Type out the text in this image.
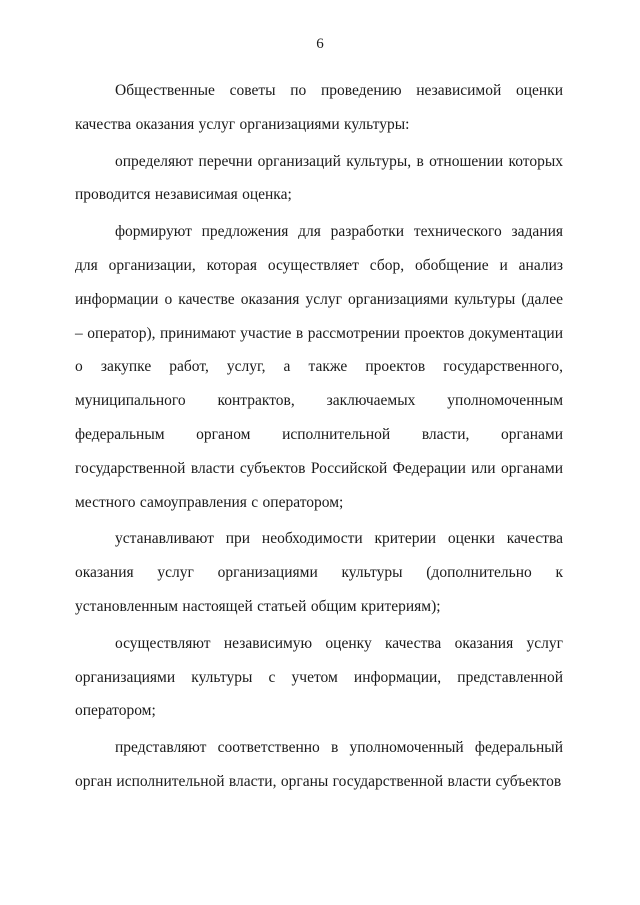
6

Общественные советы по проведению независимой оценки качества оказания услуг организациями культуры:

определяют перечни организаций культуры, в отношении которых проводится независимая оценка;

формируют предложения для разработки технического задания для организации, которая осуществляет сбор, обобщение и анализ информации о качестве оказания услуг организациями культуры (далее – оператор), принимают участие в рассмотрении проектов документации о закупке работ, услуг, а также проектов государственного, муниципального контрактов, заключаемых уполномоченным федеральным органом исполнительной власти, органами государственной власти субъектов Российской Федерации или органами местного самоуправления с оператором;

устанавливают при необходимости критерии оценки качества оказания услуг организациями культуры (дополнительно к установленным настоящей статьей общим критериям);

осуществляют независимую оценку качества оказания услуг организациями культуры с учетом информации, представленной оператором;

представляют соответственно в уполномоченный федеральный орган исполнительной власти, органы государственной власти субъектов
